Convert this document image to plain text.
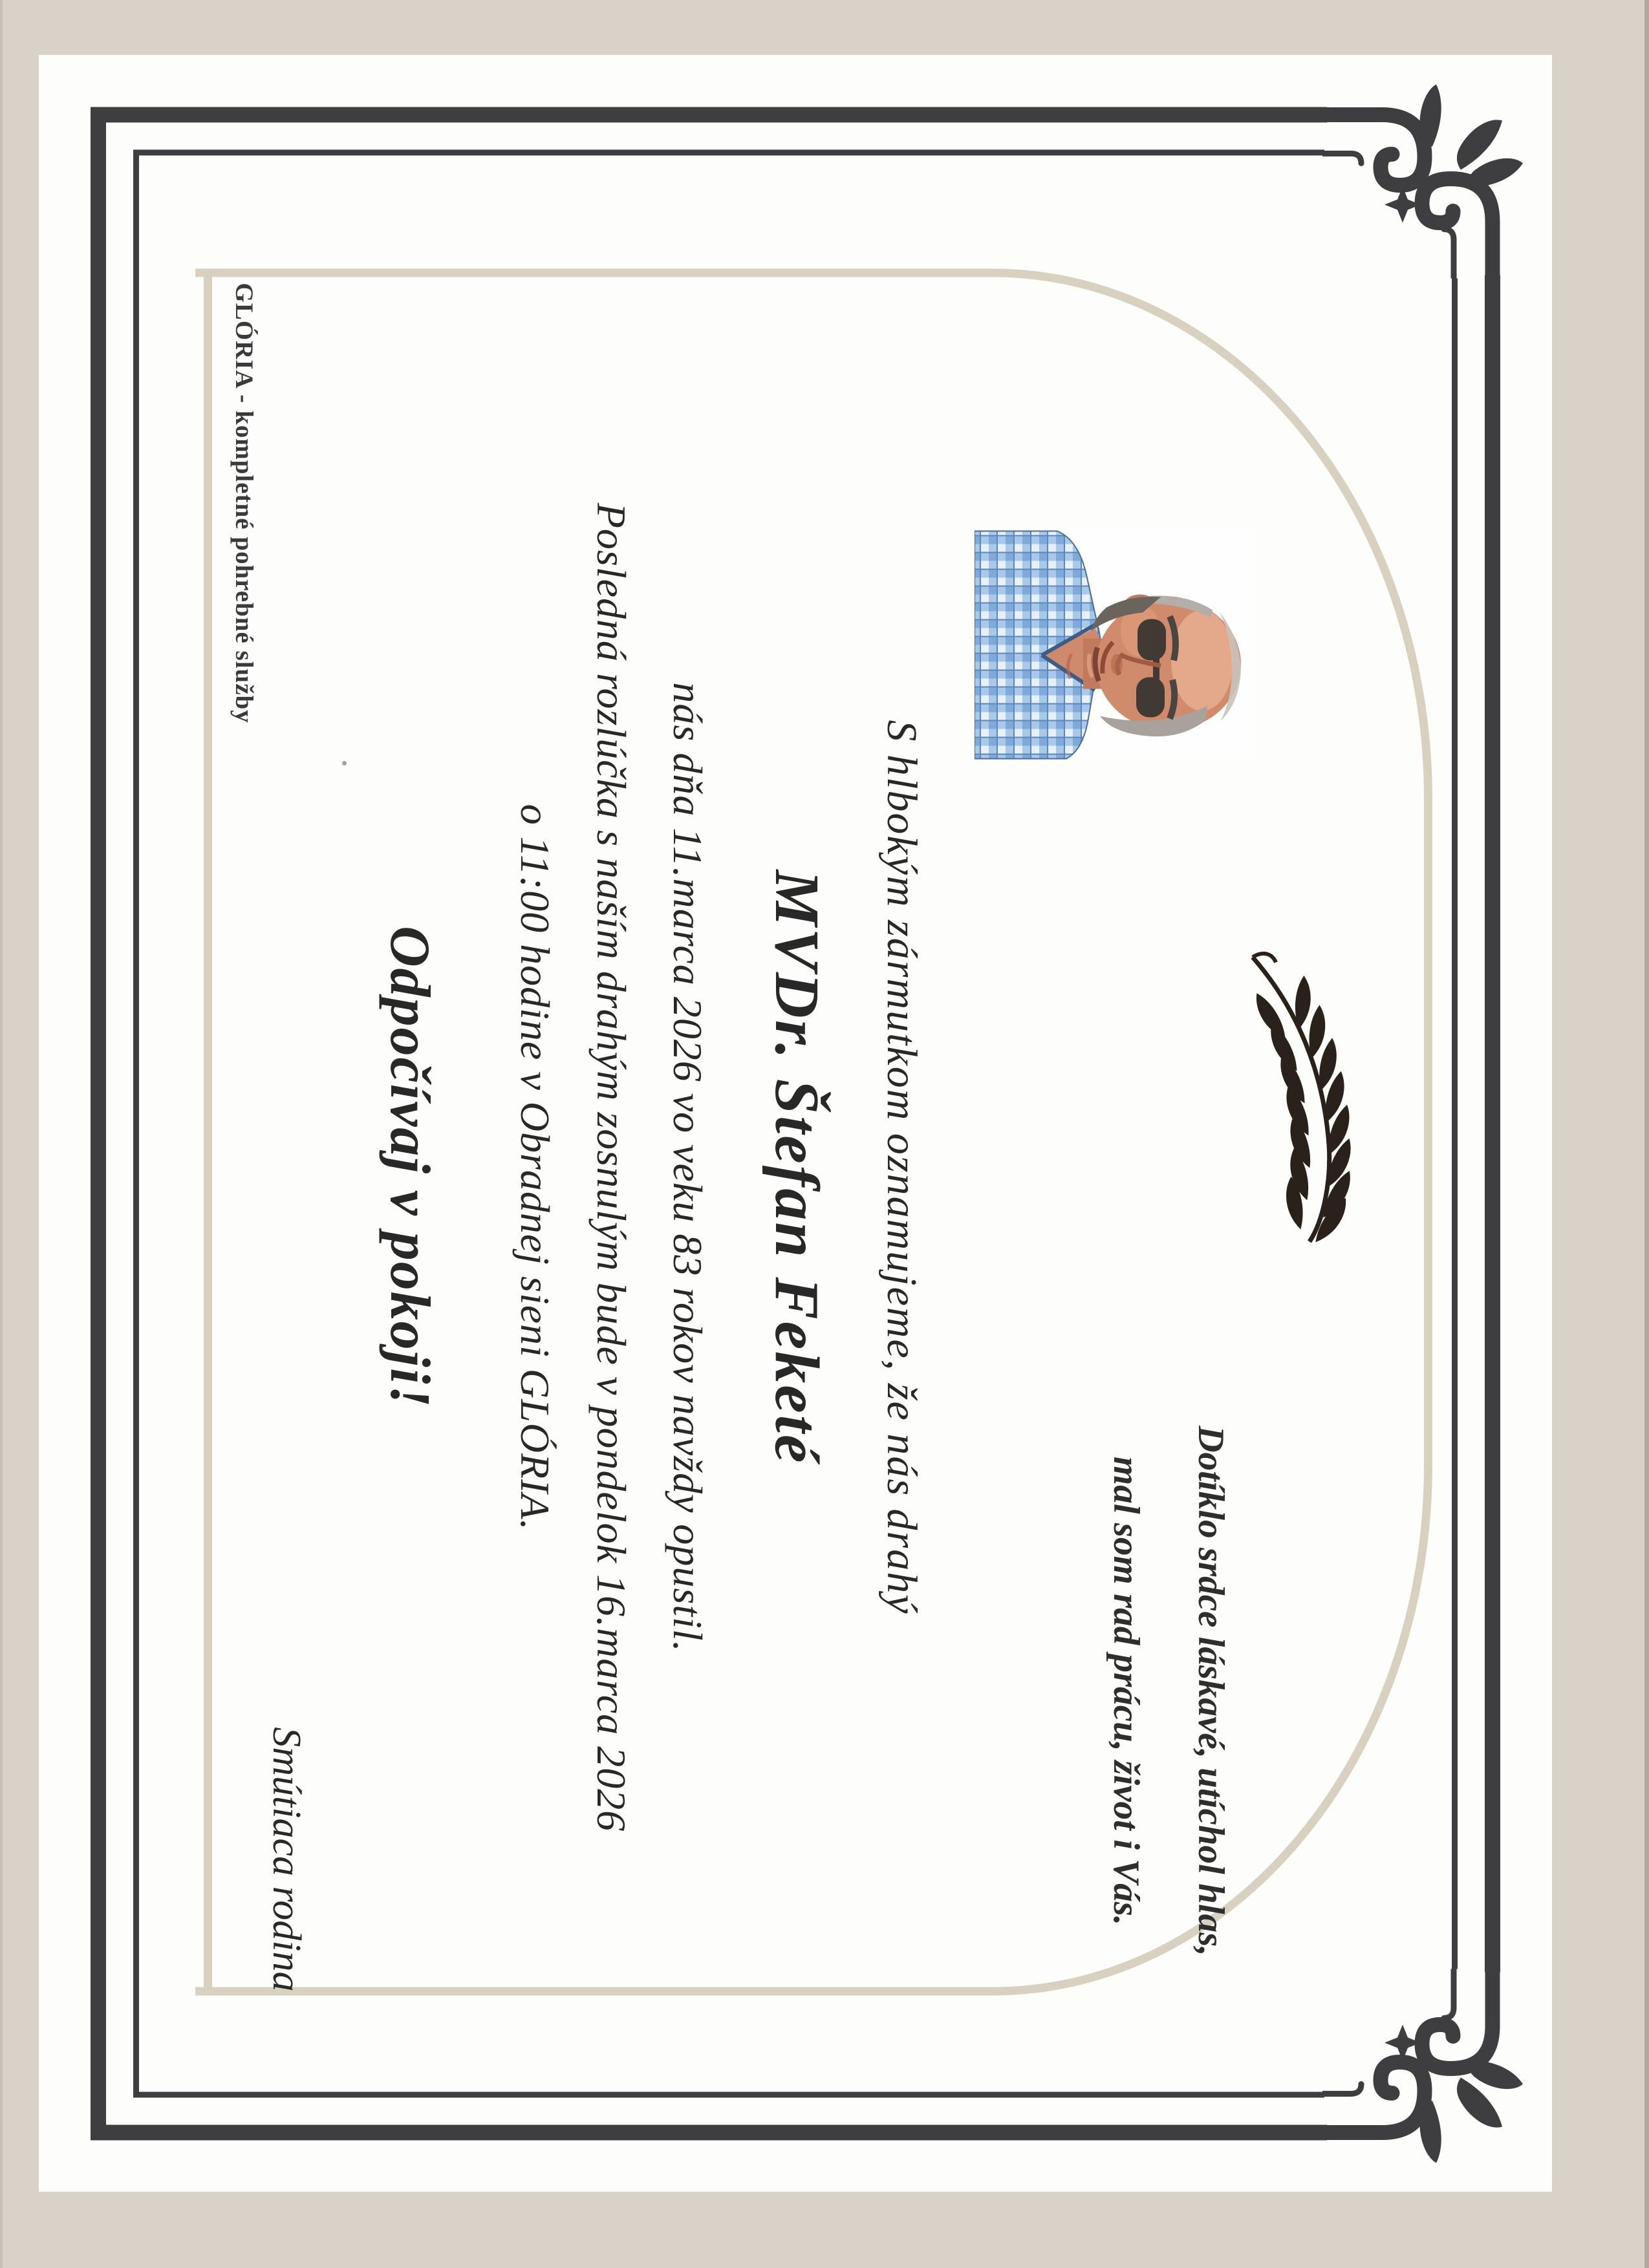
GLÓRIA - kompletné pohrebné služby
Dotíklo srdce láskavé, utíchol hlas,
mal som rad prácu, život i Vás.
S hlbokým zármutkom oznamujeme, že nás drahý
MVDr. Štefan Feketé
nás dňa 11.marca 2026 vo veku 83 rokov navždy opustil.
Posledná rozlúčka s naším drahým zosnulým bude v pondelok 16.marca 2026
o 11:00 hodine v Obradnej sieni GLÓRIA.
Odpočívaj v pokoji!
Smútiaca rodina
